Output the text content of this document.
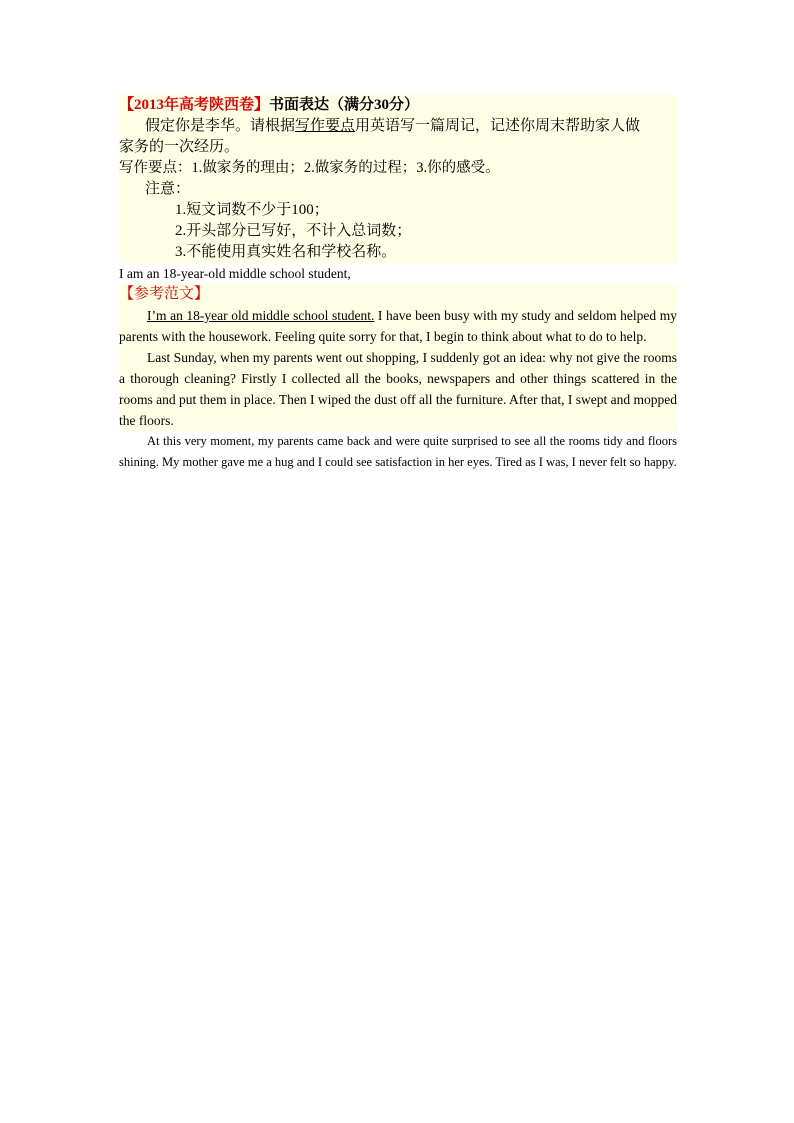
【2013年高考陕西卷】书面表达（满分30分）
假定你是李华。请根据写作要点用英语写一篇周记，记述你周末帮助家人做
家务的一次经历。
写作要点：1.做家务的理由；2.做家务的过程；3.你的感受。
注意：
1.短文词数不少于100；
2.开头部分已写好，不计入总词数；
3.不能使用真实姓名和学校名称。
I am an 18-year-old middle school student,
【参考范文】

I’m an 18-year old middle school student. I have been busy with my study and seldom helped my parents with the housework. Feeling quite sorry for that, I begin to think about what to do to help.

Last Sunday, when my parents went out shopping, I suddenly got an idea: why not give the rooms a thorough cleaning? Firstly I collected all the books, newspapers and other things scattered in the rooms and put them in place. Then I wiped the dust off all the furniture. After that, I swept and mopped the floors.

At this very moment, my parents came back and were quite surprised to see all the rooms tidy and floors shining. My mother gave me a hug and I could see satisfaction in her eyes. Tired as I was, I never felt so happy.
